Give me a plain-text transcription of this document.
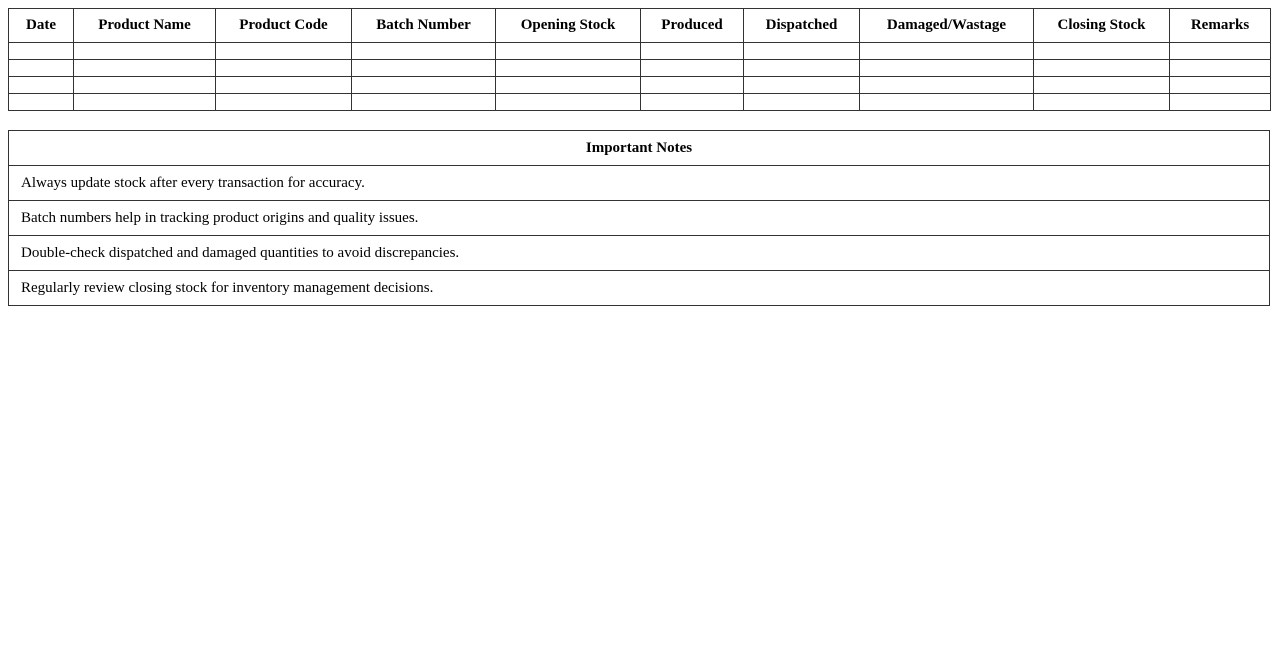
Date	Product Name	Product Code	Batch Number	Opening Stock	Produced	Dispatched	Damaged/Wastage	Closing Stock	Remarks

Important Notes
Always update stock after every transaction for accuracy.
Batch numbers help in tracking product origins and quality issues.
Double-check dispatched and damaged quantities to avoid discrepancies.
Regularly review closing stock for inventory management decisions.
